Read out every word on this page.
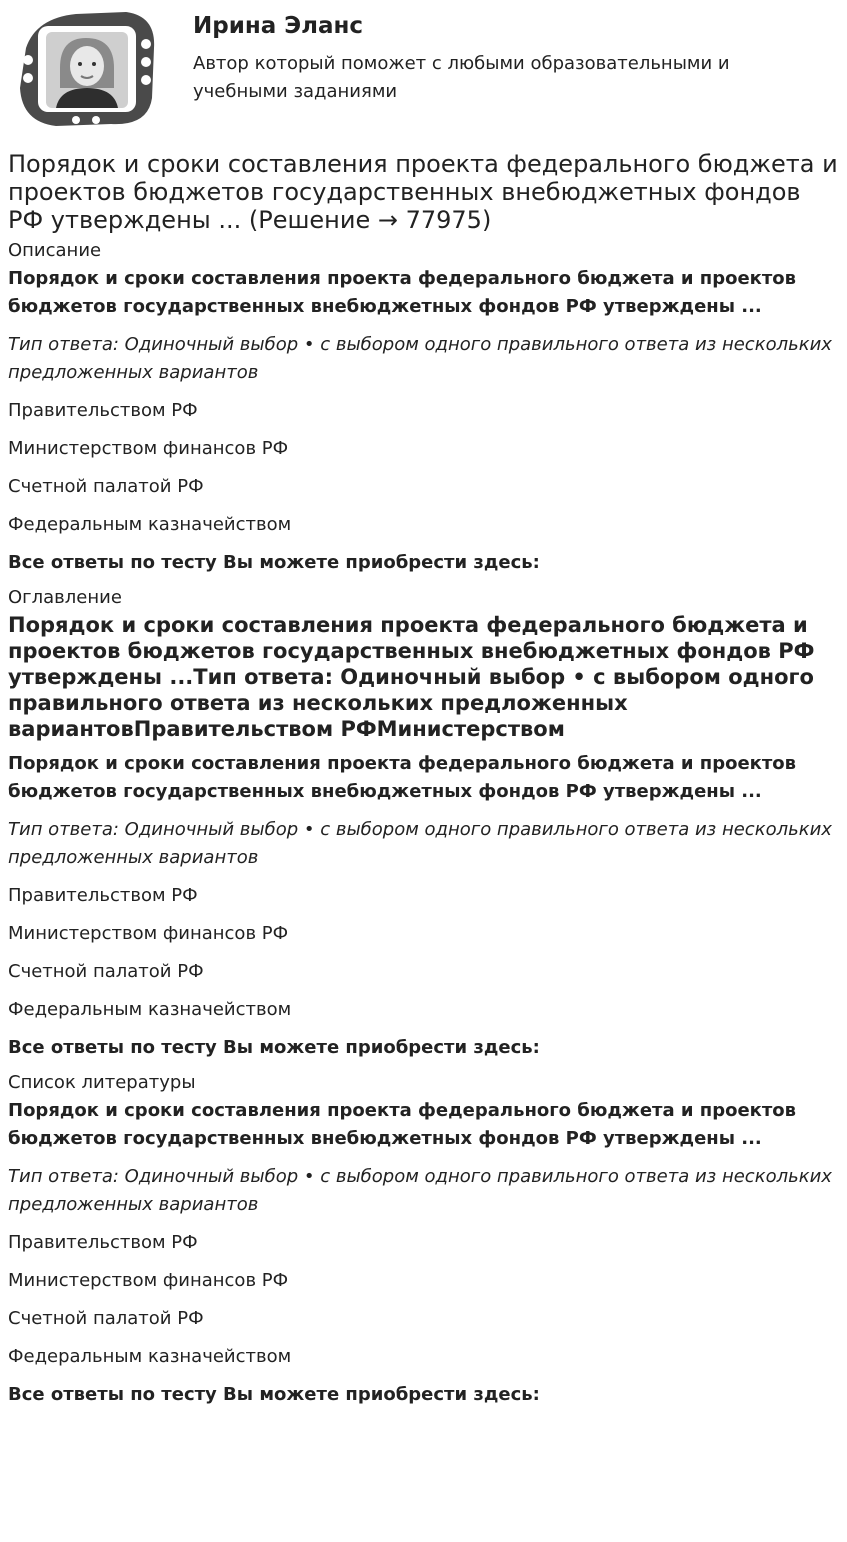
Ирина Эланс

Автор который поможет с любыми образовательными и учебными заданиями

Порядок и сроки составления проекта федерального бюджета и проектов бюджетов государственных внебюджетных фондов РФ утверждены ... (Решение → 77975)

Описание

Порядок и сроки составления проекта федерального бюджета и проектов бюджетов государственных внебюджетных фондов РФ утверждены ...

Тип ответа: Одиночный выбор • с выбором одного правильного ответа из нескольких предложенных вариантов

Правительством РФ

Министерством финансов РФ

Счетной палатой РФ

Федеральным казначейством

Все ответы по тесту Вы можете приобрести здесь:

Оглавление

Порядок и сроки составления проекта федерального бюджета и проектов бюджетов государственных внебюджетных фондов РФ утверждены ...Тип ответа: Одиночный выбор • с выбором одного правильного ответа из нескольких предложенных вариантовПравительством РФМинистерством

Порядок и сроки составления проекта федерального бюджета и проектов бюджетов государственных внебюджетных фондов РФ утверждены ...

Тип ответа: Одиночный выбор • с выбором одного правильного ответа из нескольких предложенных вариантов

Правительством РФ

Министерством финансов РФ

Счетной палатой РФ

Федеральным казначейством

Все ответы по тесту Вы можете приобрести здесь:

Список литературы

Порядок и сроки составления проекта федерального бюджета и проектов бюджетов государственных внебюджетных фондов РФ утверждены ...

Тип ответа: Одиночный выбор • с выбором одного правильного ответа из нескольких предложенных вариантов

Правительством РФ

Министерством финансов РФ

Счетной палатой РФ

Федеральным казначейством

Все ответы по тесту Вы можете приобрести здесь:
